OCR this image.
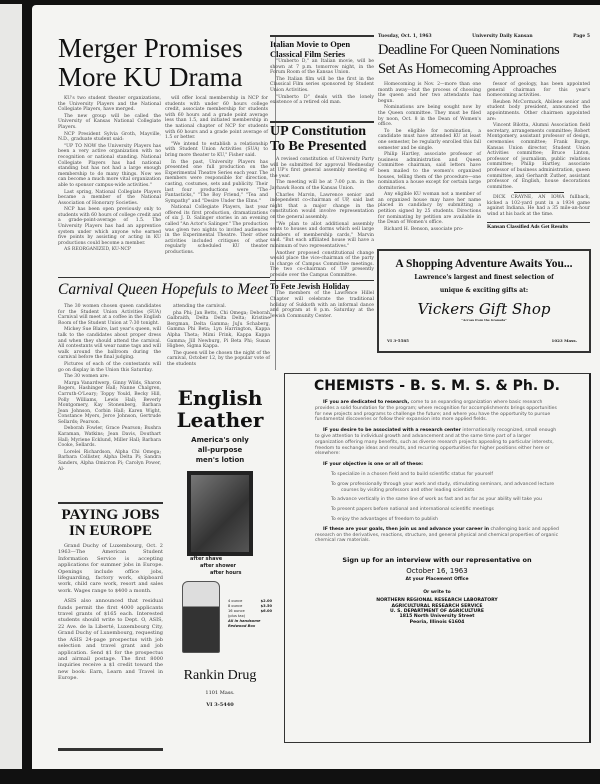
Merger Promises
More KU Drama

KU's two student theater organizations, the University Players and the National Collegiate Players, have merged.

The new group will be called the University of Kansas National Collegiate Players.

NCP President Sylvia Groth, Mayville, N.D., graduate student said:

"UP TO NOW the University Players has been a very active organization with no recognition or national standing. National Collegiate Players has had national standing but has not had a large enough membership to do many things. Now we can become a much more vital organization able to sponsor campus-wide activities."

Last spring, National Collegiate Players became a member of the National Association of Honorary Societies.

NCP has been open previously only to students with 60 hours of college credit and a grade-point-average of 1.5. The University Players has had an apprentice system under which anyone who earned five points by assisting or acting in KU productions could become a member.

AS REORGANIZED, KU-NCP

will offer local membership in NCP for students with under 60 hours college credit, associate membership for students with 60 hours and a grade point average less than 1.5, and initiated membership in the national chapter of NCP for students with 60 hours and a grade point average of 1.5 or better.

"We intend to establish a relationship with Student Union Activities (SUA) to bring more theater to KU," Fisher said.

In the past, University Players has presented one full production on the Experimental Theatre Series each year. The members were responsible for direction, casting, costumes, sets and publicity. Their last four productions were "The Fantasticks," "The Boy Friend," "Tea and Sympathy" and "Desire Under the Elms."

National Collegiate Players, last year offered its first production, dramatizations of six J. D. Salinger stories in an evening called "An Actor's Salinger." The production was given two nights to invited audiences in the Experimental Theatre. Their other activities included critiques of other regularly scheduled KU theater productions.

Carnival Queen Hopefuls to Meet

The 30 women chosen queen candidates for the Student Union Activities (SUA) Carnival will meet at a coffee in the English Room of the Student Union at 7:30 tonight.

Mickey Sue Blaire, last year's queen, will talk to the candidates about proper dress and when they should attend the carnival. All contestants will wear name tags and will walk around the ballroom during the carnival before the final judging.

Pictures of each of the contestants will go on display in the Union this Saturday.

The 30 women are:

Marga Vanardwerp, Ginny Wilds, Sharon Rogers, Hashinger Hall; Nanne Chalgren, Carruth-O'Leary; Toppy Yould, Becky Hill, Polly Williams, Lewis Hall; Beverly Montgomery, Kay Stonenberg, Barbara Jean Johnson, Corbin Hall; Karen Wight, Constance Myers, Jerce Johnson, Gertrude Sellards; Pearson.

Deborah Fowler, Grace Pearson; Bushra Karaman, Watkins; Jean Davis, Douthart Hall; Myriene Ecklund, Miller Hall; Barbara Cooke, Sellards.

Lorelei Richardson, Alpha Chi Omega; Barbara Collister, Alpha Delta Pi; Sandra Sanders, Alpha Omicron Pi; Carolyn Power, Al-

attending the carnival.

pha Phi; Jan Betts, Chi Omega; Deborah Galbraith, Delta Delta Delta; Kristine Bergman, Delta Gamma; JuJu Schaberg, Gamma Phi Beta; Lyn Harrington, Kappa Alpha Theta; Mimi Frink, Kappa Kappa Gamma; Jill Newburg, Pi Beta Phi; Susan Higbee, Sigma Kappa.

The queen will be chosen the night of the carnival, October 12, by the popular vote of the students

PAYING JOBS
IN EUROPE

Grand Duchy of Luxembourg, Oct. 2 1963—The American Student Information Service is accepting applications for summer jobs in Europe. Openings include office jobs, lifeguarding, factory work, shipboard work, child care work, resort and sales work. Wages range to $400 a month.

ASIS also announced that residual funds permit the first 4000 applicants travel grants of $165 each. Interested students should write to Dept. O, ASIS, 22 Ave. de la Liberté, Luxembourg City, Grand Duchy of Luxembourg, requesting the ASIS 24-page prospectus with job selection and travel grant and job application. Send $1 for the prospectus and airmail postage. The first 8000 inquiries receive a $1 credit toward the new book: Earn, Learn and Travel in Europe.

English
Leather
America's only
all-purpose
men's lotion
after shave
after shower
after hours
4 ounce	$2.00
8 ounce	$3.50
16 ounce	$6.00
(plus tax)
All in handsome Redwood Box
Rankin Drug
1101 Mass.
VI 3-5440
Italian Movie to Open Classical Film Series

"Umberto D," an Italian movie, will be shown at 7 p.m. tomorrow night, in the Forum Room of the Kansas Union.

The Italian film will be the first in the Classical Film series sponsored by Student Union Activities.

"Umberto D" deals with the lonely existence of a retired old man.

UP Constitution
To Be Presented

A revised constitution of University Party will be submitted for approval Wednesday at UP's first general assembly meeting of the year.

The meeting will be at 7:00 p.m. in the Jayhawk Room of the Kansas Union.

Charles Marvin, Lawrence senior and independent co-chairman of UP, said last night that a major change in the constitution would involve representation on the general assembly.

"We plan to allot additional assembly seats to houses and dorms which sell large numbers of membership cards," Marvin said. "But each affiliated house will have a minimum of two representatives."

Another proposed constitutional change would place the vice-chairman of the party in charge of Campus Committee meetings. The two co-chairman of UP presently preside over the Campus Committee.

To Fete Jewish Holiday

The members of the Lawrence Hillel Chapter will celebrate the traditional holiday of Sukkoth with an informal dance and program at 8 p.m. Saturday at the Jewish Community Center.

Tuesday, Oct. 1, 1963	University Daily Kansan	Page 5
Deadline For Queen Nominations
Set As Homecoming Approaches

Homecoming is Nov. 2—more than one month away—but the process of choosing the queen and her two attendants has begun.

Nominations are being sought now by the Queen committee. They must be filed by noon, Oct. 8 in the Dean of Women's office.

To be eligible for nomination, a candidate must have attended KU at least one semester, be regularly enrolled this fall semester and be single.

Philip Hartley, associate professor of business administration and Queen Committee chairman, said letters have been mailed to the women's organized houses, telling them of the procedure—one nomination a house except for certain large dormitories.

Any eligible KU woman not a member of an organized house may have her name placed in candidacy by submitting a petition signed by 25 students. Directions for nominating by petition are available in the Dean of Women's office.

Richard H. Benson, associate pro-

fessor of geology, has been appointed general chairman for this year's homecoming activities.

Reuben McCormack, Abilene senior and student body president, announced the appointments. Other chairmen appointed are:

Vincent Bilotta, Alumni Association field secretary, arrangements committee; Robert Montgomery, assistant professor of design, ceremonies committee; Frank Burge, Kansas Union director, Student Union Activities committee; Bruce Linton, professor of journalism, public relations committee; Philip Hartley, associate professor of business administration, queen committee, and Gerhardt Zuther, assistant professor of English, house decorations committee.

DICK CRAYNE, AN IOWA fullback, kicked a 102-yard punt in a 1934 game against Indiana. He had a 35 mile-an-hour wind at his back at the time.

Kansan Classified Ads Get Results
A Shopping Adventure Awaits You...
Lawrence's largest and finest selection of
unique & exciting gifts at:
Vickers Gift Shop
"Across from the Granada"
VI 3-5585	1023 Mass.
CHEMISTS - B. S. M. S. & Ph. D.

IF you are dedicated to research, come to an expanding organization where basic research provides a solid foundation for the program; where recognition for accomplishments brings opportunities for new projects and programs to challenge the future; and where you have the opportunity to pursue fundamental discoveries or follow their expansion into more applied fields.

IF you desire to be associated with a research center internationally recognized, small enough to give attention to individual growth and advancement and at the same time part of a larger organization offering many benefits, such as diverse research projects appealing to particular interests, freedom to exchange ideas and results, and recurring opportunities for higher positions either here or elsewhere:

IF your objective is one or all of these:

To specialize in a chosen field and to build scientific status for yourself

To grow professionally through your work and study, stimulating seminars, and advanced lecture courses by visiting professors and other leading scientists

To advance vertically in the same line of work as fast and as far as your ability will take you

To present papers before national and international scientific meetings

To enjoy the advantages of freedom to publish

IF these are your goals, then join us and advance your career in challenging basic and applied research on the derivatives, reactions, structure, and general physical and chemical properties of organic chemical raw materials.

Sign up for an interview with our representative on
October 16, 1963
At your Placement Office
Or write to
NORTHERN REGIONAL RESEARCH LABORATORY
AGRICULTURAL RESEARCH SERVICE
U. S. DEPARTMENT OF AGRICULTURE
1815 North University Street
Peoria, Illinois 61604
